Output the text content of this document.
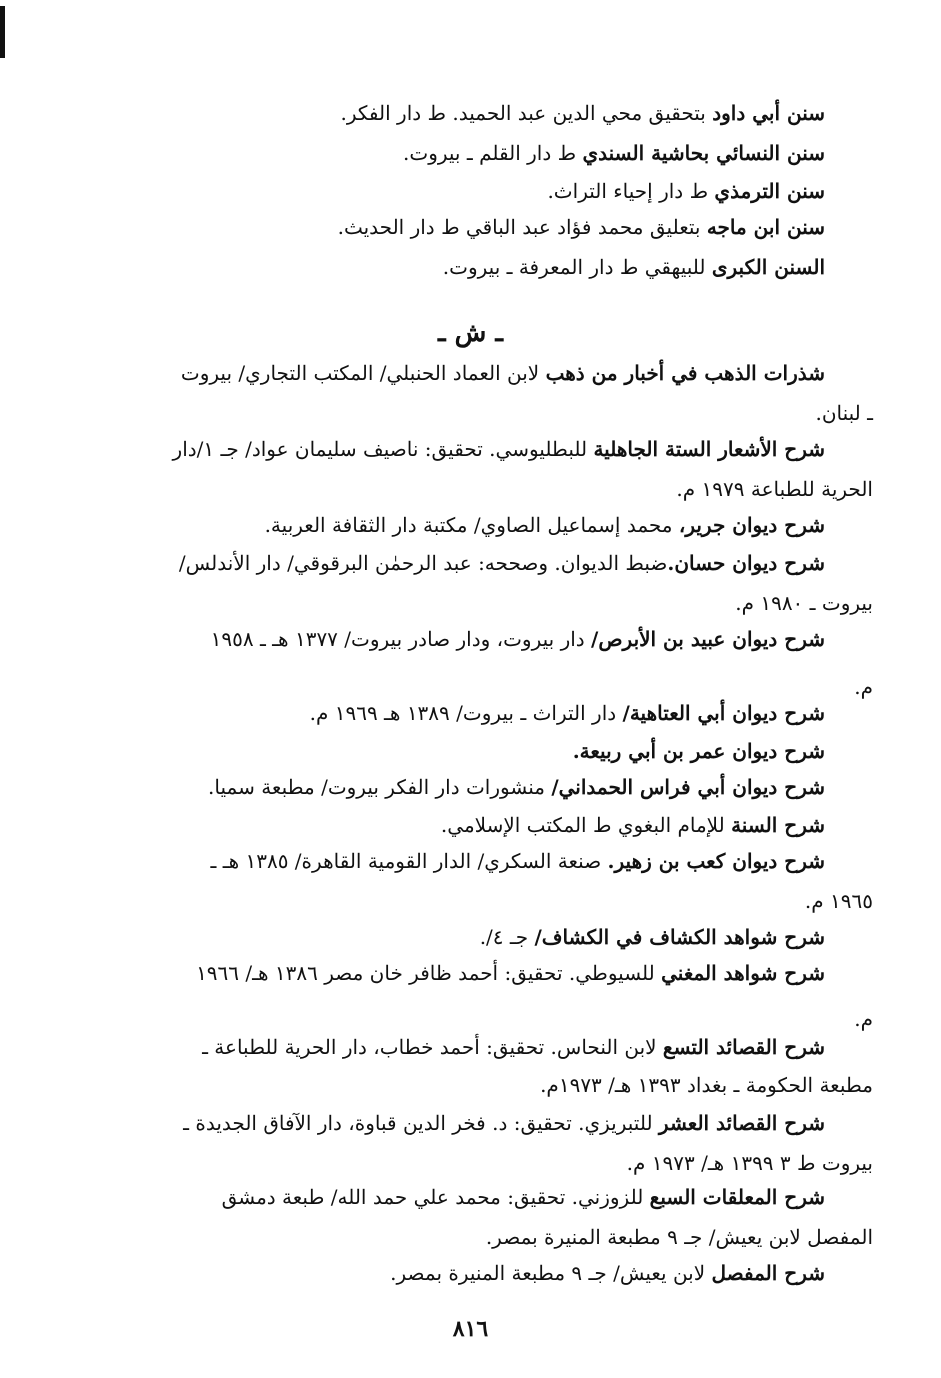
سنن أبي داود بتحقيق محي الدين عبد الحميد. ط دار الفكر.
سنن النسائي بحاشية السندي ط دار القلم ـ بيروت.
سنن الترمذي ط دار إحياء التراث.
سنن ابن ماجه بتعليق محمد فؤاد عبد الباقي ط دار الحديث.
السنن الكبرى للبيهقي ط دار المعرفة ـ بيروت.
ـ ش ـ
شذرات الذهب في أخبار من ذهب لابن العماد الحنبلي/ المكتب التجاري/ بيروت
ـ لبنان.
شرح الأشعار الستة الجاهلية للبطليوسي. تحقيق: ناصيف سليمان عواد/ جـ ١/دار
الحرية للطباعة ١٩٧٩ م.
شرح ديوان جرير، محمد إسماعيل الصاوي/ مكتبة دار الثقافة العربية.
شرح ديوان حسان.ضبط الديوان. وصححه: عبد الرحمٰن البرقوقي/ دار الأندلس/
بيروت ـ ١٩٨٠ م.
شرح ديوان عبيد بن الأبرص/ دار بيروت، ودار صادر بيروت/ ١٣٧٧ هـ ـ ١٩٥٨
م.
شرح ديوان أبي العتاهية/ دار التراث ـ بيروت/ ١٣٨٩ هـ ١٩٦٩ م.
شرح ديوان عمر بن أبي ربيعة.
شرح ديوان أبي فراس الحمداني/ منشورات دار الفكر بيروت/ مطبعة سميا.
شرح السنة للإمام البغوي ط المكتب الإسلامي.
شرح ديوان كعب بن زهير. صنعة السكري/ الدار القومية القاهرة/ ١٣٨٥ هـ ـ
١٩٦٥ م.
شرح شواهد الكشاف في الكشاف/ جـ ٤/.
شرح شواهد المغني للسيوطي. تحقيق: أحمد ظافر خان مصر ١٣٨٦ هـ/ ١٩٦٦
م.
شرح القصائد التسع لابن النحاس. تحقيق: أحمد خطاب، دار الحرية للطباعة ـ
مطبعة الحكومة ـ بغداد ١٣٩٣ هـ/ ١٩٧٣م.
شرح القصائد العشر للتبريزي. تحقيق: د. فخر الدين قباوة، دار الآفاق الجديدة ـ
بيروت ط ٣ ١٣٩٩ هـ/ ١٩٧٣ م.
شرح المعلقات السبع للزوزني. تحقيق: محمد علي حمد الله/ طبعة دمشق
المفصل لابن يعيش/ جـ ٩ مطبعة المنيرة بمصر.
شرح المفصل لابن يعيش/ جـ ٩ مطبعة المنيرة بمصر.
٨١٦
